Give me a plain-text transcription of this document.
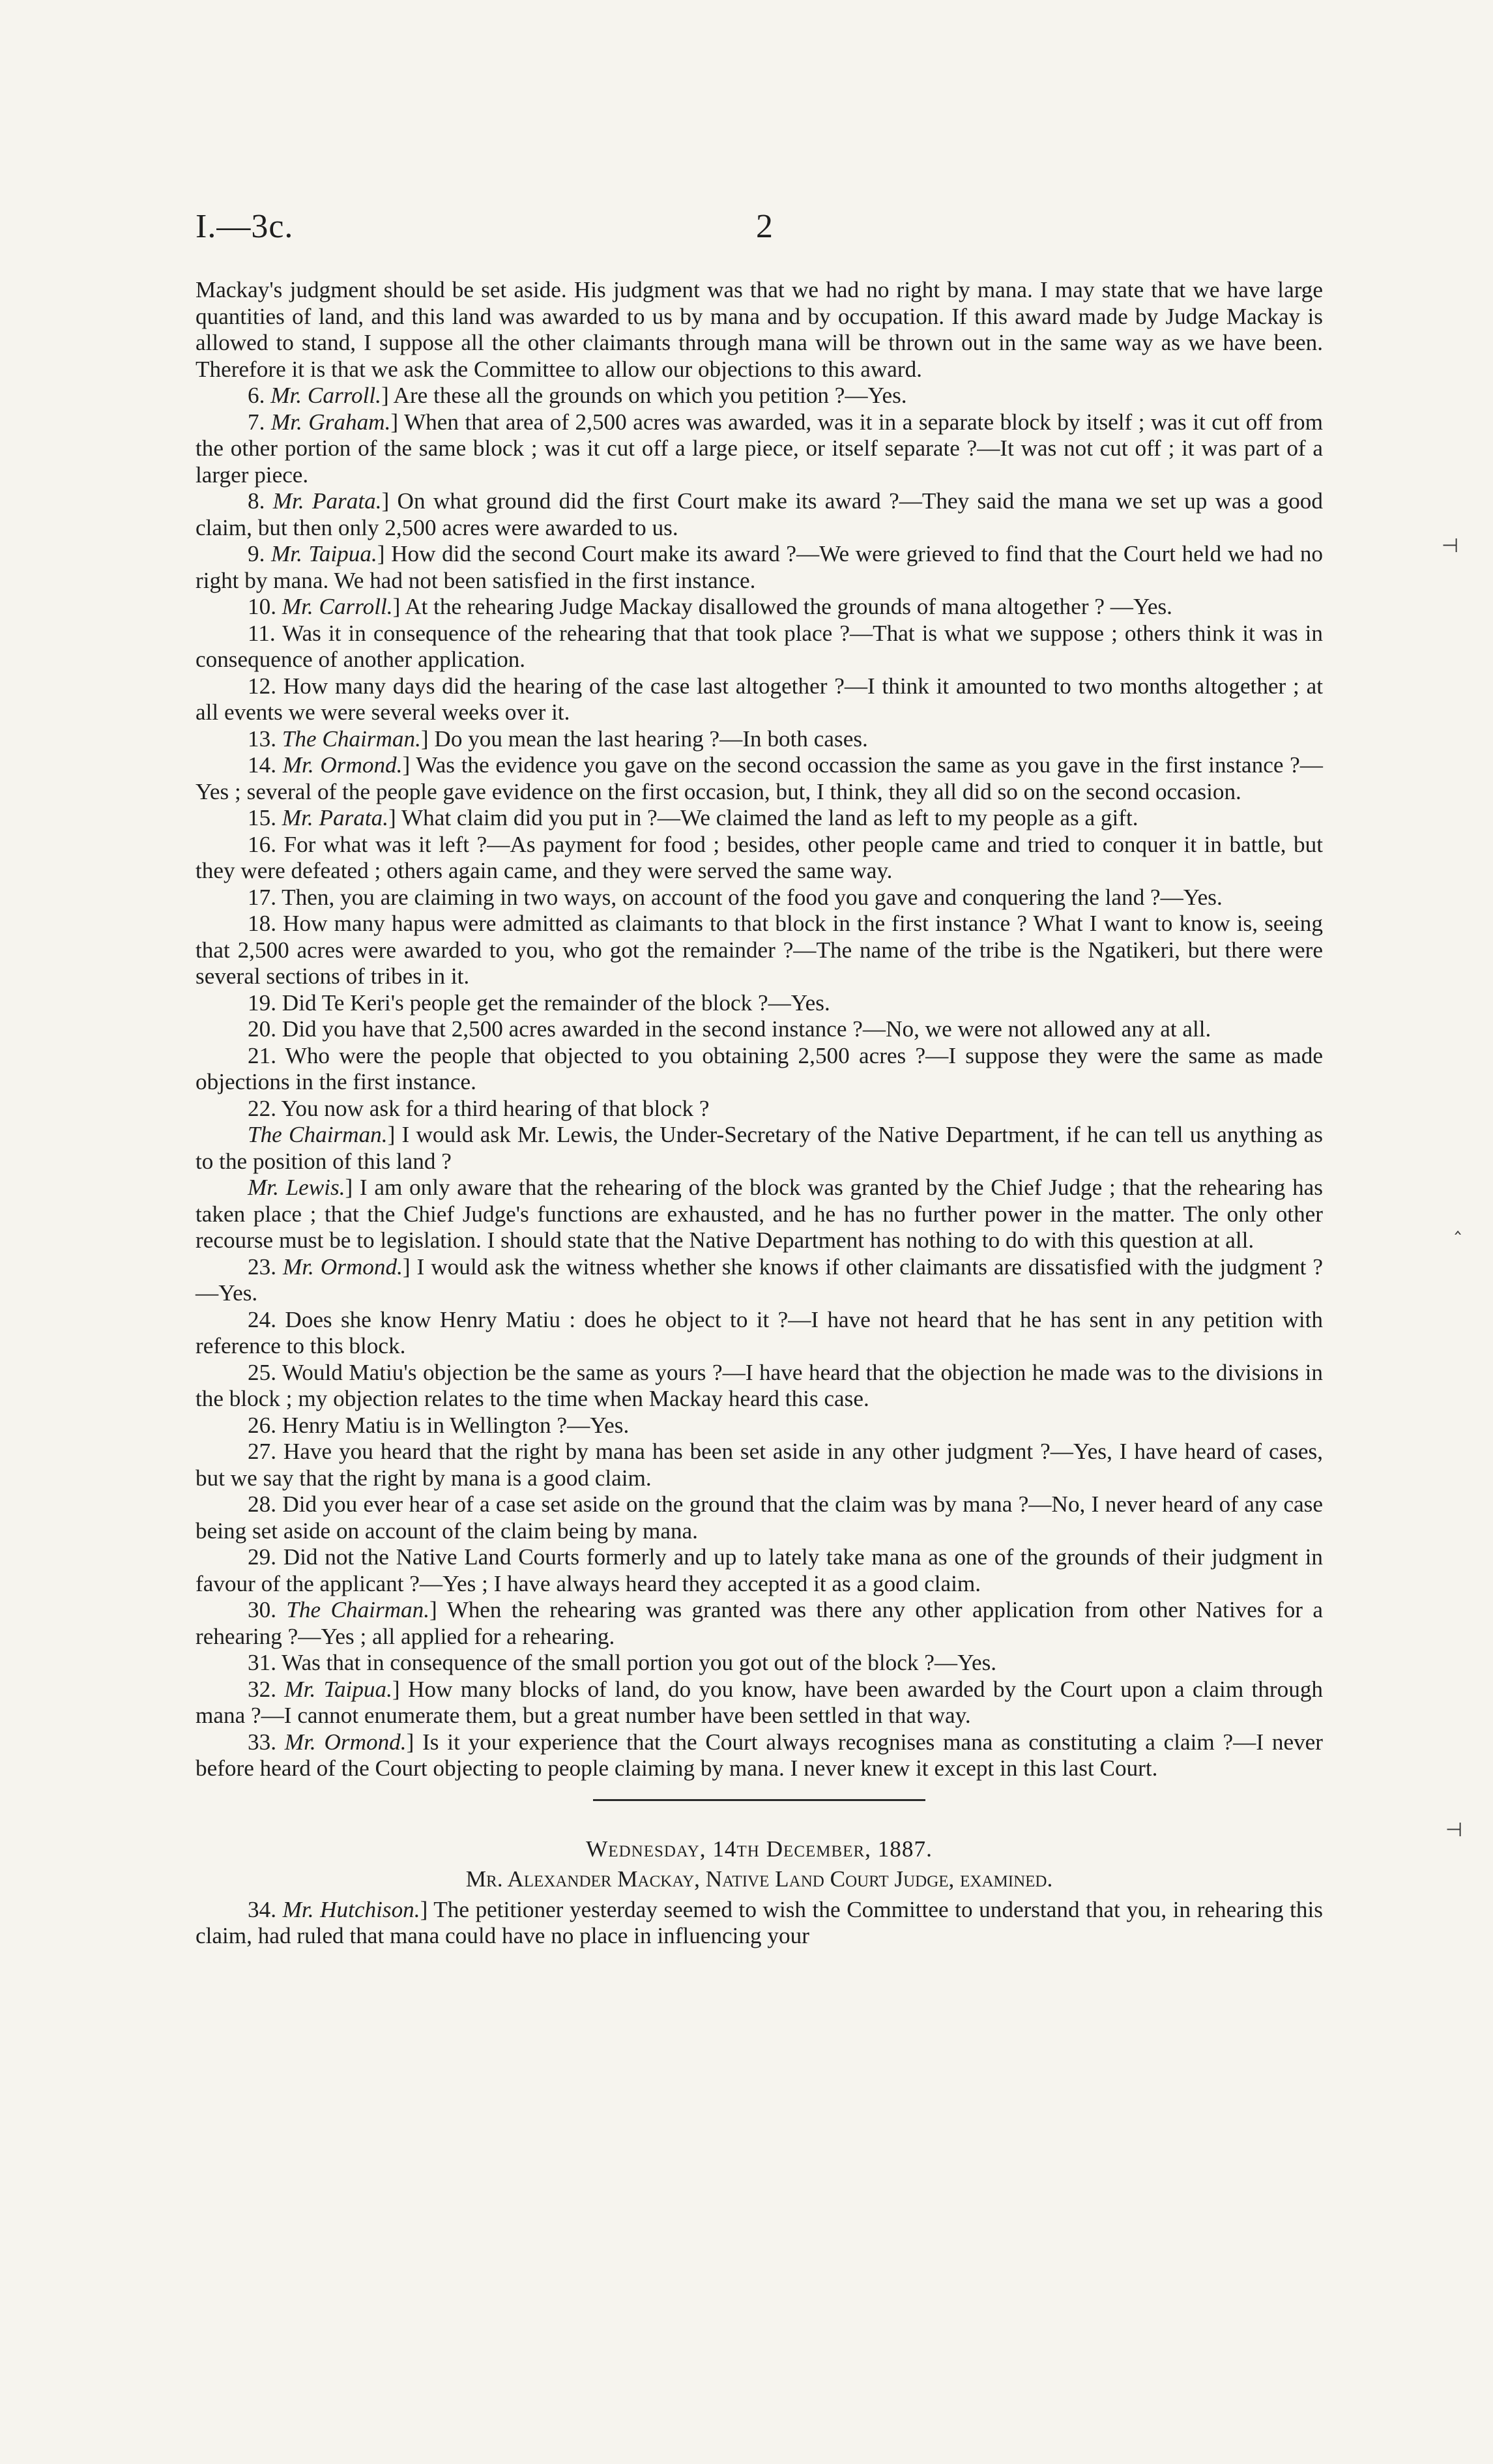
I.—3c.	2

Mackay's judgment should be set aside. His judgment was that we had no right by mana. I may state that we have large quantities of land, and this land was awarded to us by mana and by occupation. If this award made by Judge Mackay is allowed to stand, I suppose all the other claimants through mana will be thrown out in the same way as we have been. Therefore it is that we ask the Committee to allow our objections to this award.

6. Mr. Carroll.] Are these all the grounds on which you petition ?—Yes.

7. Mr. Graham.] When that area of 2,500 acres was awarded, was it in a separate block by itself ; was it cut off from the other portion of the same block ; was it cut off a large piece, or itself separate ?—It was not cut off ; it was part of a larger piece.

8. Mr. Parata.] On what ground did the first Court make its award ?—They said the mana we set up was a good claim, but then only 2,500 acres were awarded to us.

9. Mr. Taipua.] How did the second Court make its award ?—We were grieved to find that the Court held we had no right by mana. We had not been satisfied in the first instance.

10. Mr. Carroll.] At the rehearing Judge Mackay disallowed the grounds of mana altogether ? —Yes.

11. Was it in consequence of the rehearing that that took place ?—That is what we suppose ; others think it was in consequence of another application.

12. How many days did the hearing of the case last altogether ?—I think it amounted to two months altogether ; at all events we were several weeks over it.

13. The Chairman.] Do you mean the last hearing ?—In both cases.

14. Mr. Ormond.] Was the evidence you gave on the second occassion the same as you gave in the first instance ?—Yes ; several of the people gave evidence on the first occasion, but, I think, they all did so on the second occasion.

15. Mr. Parata.] What claim did you put in ?—We claimed the land as left to my people as a gift.

16. For what was it left ?—As payment for food ; besides, other people came and tried to conquer it in battle, but they were defeated ; others again came, and they were served the same way.

17. Then, you are claiming in two ways, on account of the food you gave and conquering the land ?—Yes.

18. How many hapus were admitted as claimants to that block in the first instance ? What I want to know is, seeing that 2,500 acres were awarded to you, who got the remainder ?—The name of the tribe is the Ngatikeri, but there were several sections of tribes in it.

19. Did Te Keri's people get the remainder of the block ?—Yes.

20. Did you have that 2,500 acres awarded in the second instance ?—No, we were not allowed any at all.

21. Who were the people that objected to you obtaining 2,500 acres ?—I suppose they were the same as made objections in the first instance.

22. You now ask for a third hearing of that block ?

The Chairman.] I would ask Mr. Lewis, the Under-Secretary of the Native Department, if he can tell us anything as to the position of this land ?

Mr. Lewis.] I am only aware that the rehearing of the block was granted by the Chief Judge ; that the rehearing has taken place ; that the Chief Judge's functions are exhausted, and he has no further power in the matter. The only other recourse must be to legislation. I should state that the Native Department has nothing to do with this question at all.

23. Mr. Ormond.] I would ask the witness whether she knows if other claimants are dissatisfied with the judgment ?—Yes.

24. Does she know Henry Matiu : does he object to it ?—I have not heard that he has sent in any petition with reference to this block.

25. Would Matiu's objection be the same as yours ?—I have heard that the objection he made was to the divisions in the block ; my objection relates to the time when Mackay heard this case.

26. Henry Matiu is in Wellington ?—Yes.

27. Have you heard that the right by mana has been set aside in any other judgment ?—Yes, I have heard of cases, but we say that the right by mana is a good claim.

28. Did you ever hear of a case set aside on the ground that the claim was by mana ?—No, I never heard of any case being set aside on account of the claim being by mana.

29. Did not the Native Land Courts formerly and up to lately take mana as one of the grounds of their judgment in favour of the applicant ?—Yes ; I have always heard they accepted it as a good claim.

30. The Chairman.] When the rehearing was granted was there any other application from other Natives for a rehearing ?—Yes ; all applied for a rehearing.

31. Was that in consequence of the small portion you got out of the block ?—Yes.

32. Mr. Taipua.] How many blocks of land, do you know, have been awarded by the Court upon a claim through mana ?—I cannot enumerate them, but a great number have been settled in that way.

33. Mr. Ormond.] Is it your experience that the Court always recognises mana as constituting a claim ?—I never before heard of the Court objecting to people claiming by mana. I never knew it except in this last Court.

Wednesday, 14th December, 1887.

Mr. Alexander Mackay, Native Land Court Judge, examined.

34. Mr. Hutchison.] The petitioner yesterday seemed to wish the Committee to understand that you, in rehearing this claim, had ruled that mana could have no place in influencing your

⊣
‸
⊣
